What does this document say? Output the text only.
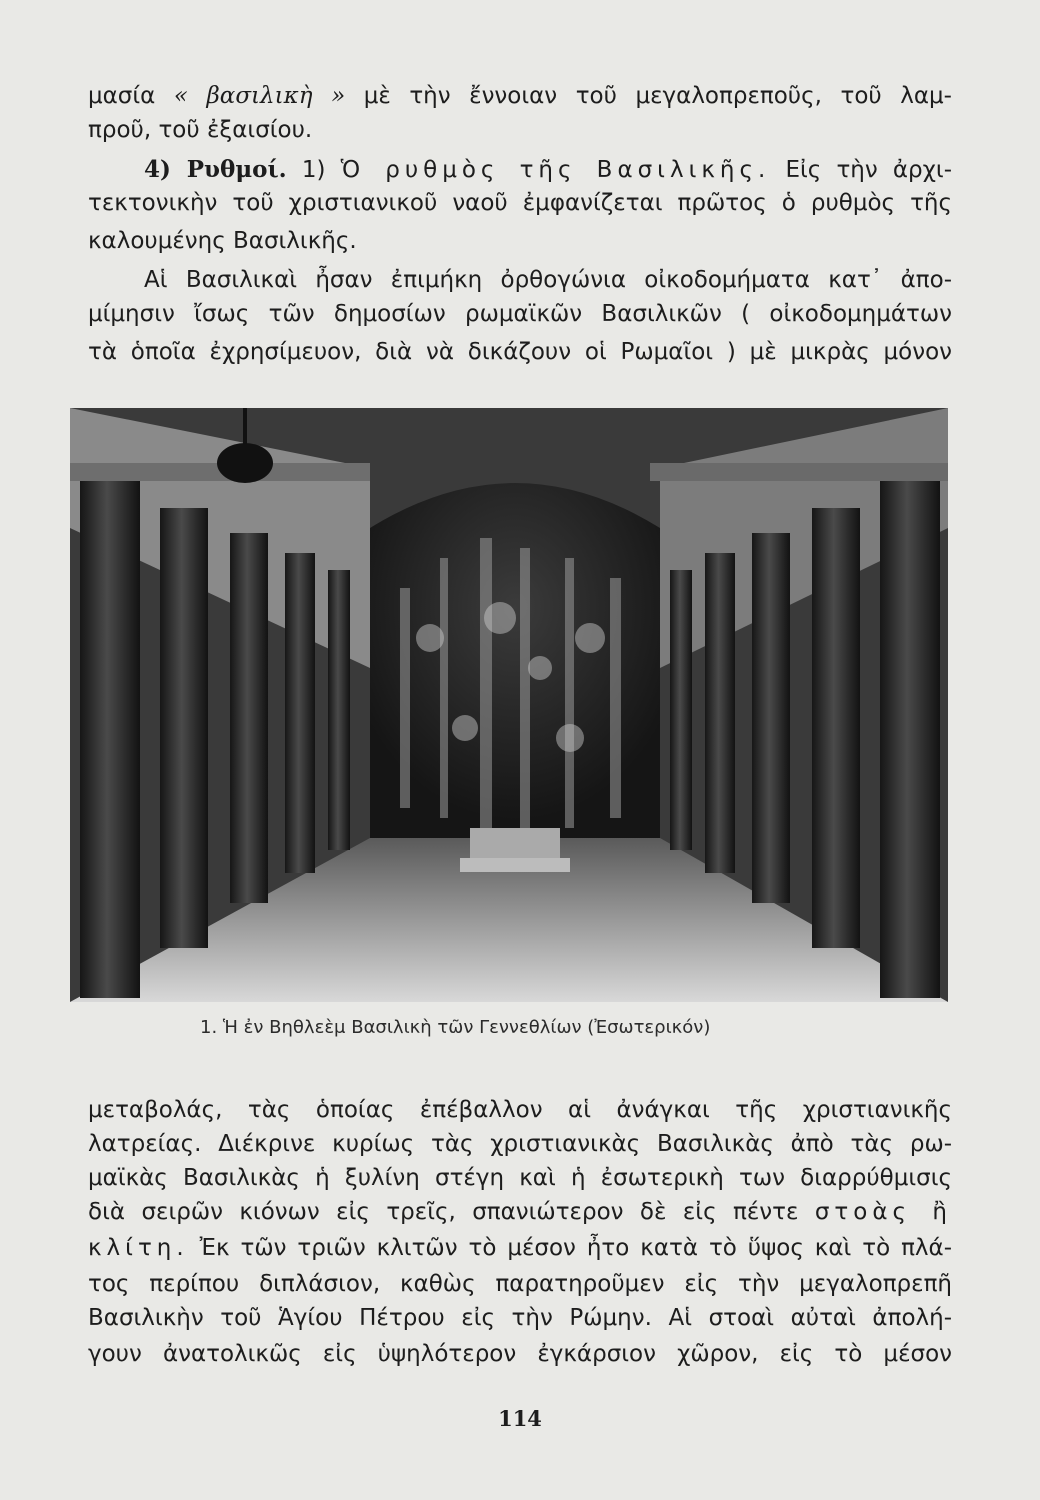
μασία « βασιλικὴ » μὲ τὴν ἔννοιαν τοῦ μεγαλοπρεποῦς, τοῦ λαμ-
προῦ, τοῦ ἐξαισίου.
4) Ρυθμοί. 1) Ὁ ρυθμὸς τῆς Βασιλικῆς. Εἰς τὴν ἀρχι-
τεκτονικὴν τοῦ χριστιανικοῦ ναοῦ ἐμφανίζεται πρῶτος ὁ ρυθμὸς τῆς
καλουμένης Βασιλικῆς.
Αἱ Βασιλικαὶ ἦσαν ἐπιμήκη ὀρθογώνια οἰκοδομήματα κατ᾽ ἀπο-
μίμησιν ἴσως τῶν δημοσίων ρωμαϊκῶν Βασιλικῶν ( οἰκοδομημάτων
τὰ ὁποῖα ἐχρησίμευον, διὰ νὰ δικάζουν οἱ Ρωμαῖοι ) μὲ μικρὰς μόνον
1. Ἡ ἐν Βηθλεὲμ Βασιλικὴ τῶν Γεννεθλίων (Ἐσωτερικόν)
μεταβολάς, τὰς ὁποίας ἐπέβαλλον αἱ ἀνάγκαι τῆς χριστιανικῆς
λατρείας. Διέκρινε κυρίως τὰς χριστιανικὰς Βασιλικὰς ἀπὸ τὰς ρω-
μαϊκὰς Βασιλικὰς ἡ ξυλίνη στέγη καὶ ἡ ἐσωτερικὴ των διαρρύθμισις
διὰ σειρῶν κιόνων εἰς τρεῖς, σπανιώτερον δὲ εἰς πέντε στοὰς ἢ
κλίτη. Ἐκ τῶν τριῶν κλιτῶν τὸ μέσον ἦτο κατὰ τὸ ὕψος καὶ τὸ πλά-
τος περίπου διπλάσιον, καθὼς παρατηροῦμεν εἰς τὴν μεγαλοπρεπῆ
Βασιλικὴν τοῦ Ἁγίου Πέτρου εἰς τὴν Ρώμην. Αἱ στοαὶ αὐταὶ ἀπολή-
γουν ἀνατολικῶς εἰς ὑψηλότερον ἐγκάρσιον χῶρον, εἰς τὸ μέσον
114
